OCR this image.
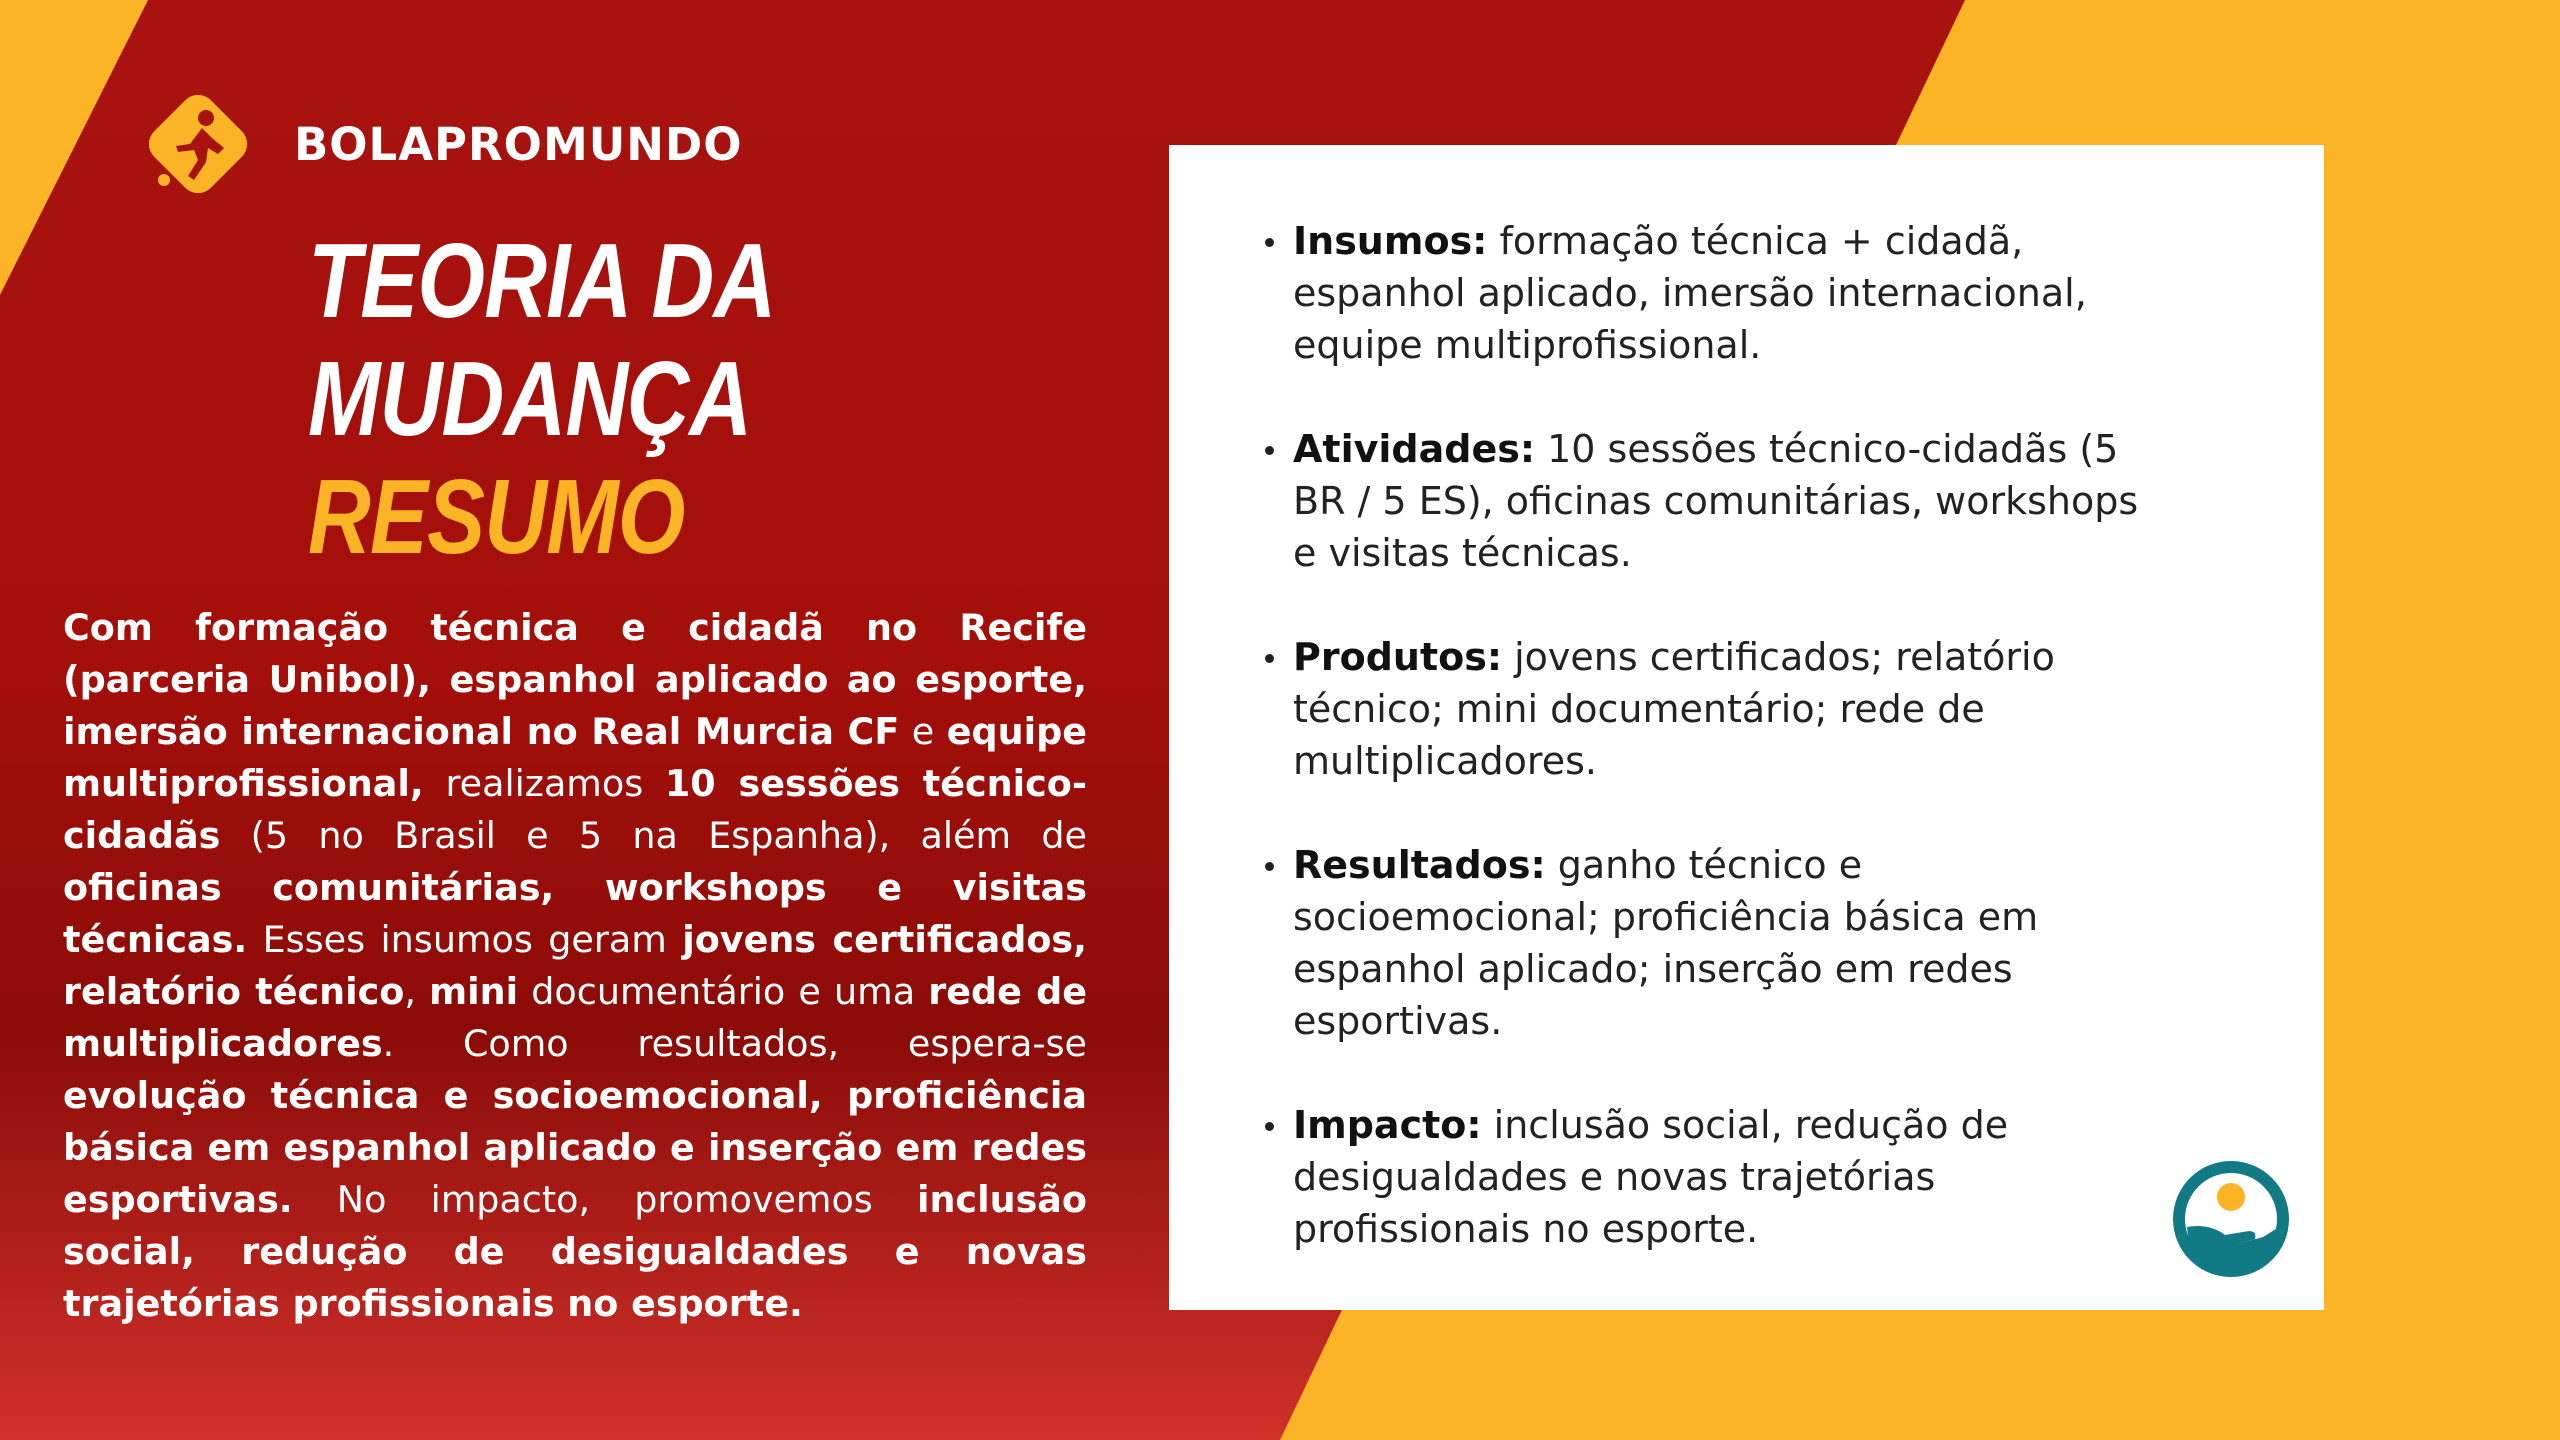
BOLAPROMUNDO
TEORIA DA
MUDANÇA
RESUMO
Com formação técnica e cidadã no Recife (parceria Unibol), espanhol aplicado ao esporte, imersão internacional no Real Murcia CF e equipe multiprofissional, realizamos 10 sessões técnico-cidadãs (5 no Brasil e 5 na Espanha), além de oficinas comunitárias, workshops e visitas técnicas. Esses insumos geram jovens certificados, relatório técnico, mini documentário e uma rede de multiplicadores. Como resultados, espera-se evolução técnica e socioemocional, proficiência básica em espanhol aplicado e inserção em redes esportivas. No impacto, promovemos inclusão social, redução de desigualdades e novas trajetórias profissionais no esporte.
Insumos: formação técnica + cidadã, espanhol aplicado, imersão internacional, equipe multiprofissional.
Atividades: 10 sessões técnico-cidadãs (5 BR / 5 ES), oficinas comunitárias, workshops e visitas técnicas.
Produtos: jovens certificados; relatório técnico; mini documentário; rede de multiplicadores.
Resultados: ganho técnico e socioemocional; proficiência básica em espanhol aplicado; inserção em redes esportivas.
Impacto: inclusão social, redução de desigualdades e novas trajetórias profissionais no esporte.
